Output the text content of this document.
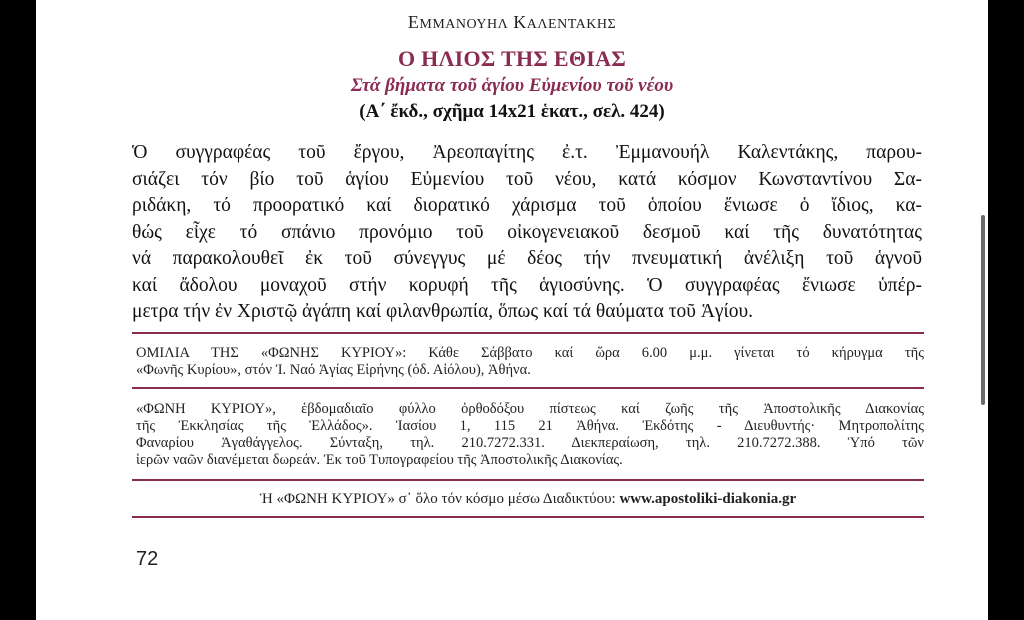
ΕΜΜΑΝΟΥΗΛ ΚΑΛΕΝΤΑΚΗΣ
Ο ΗΛΙΟΣ ΤΗΣ ΕΘΙΑΣ
Στά βήματα τοῦ ἁγίου Εὐμενίου τοῦ νέου
(Α΄ ἔκδ., σχῆμα 14x21 ἑκατ., σελ. 424)
Ὁ συγγραφέας τοῦ ἔργου, Ἀρεοπαγίτης ἐ.τ. Ἐμμανουήλ Καλεντάκης, παρου-
σιάζει τόν βίο τοῦ ἁγίου Εὐμενίου τοῦ νέου, κατά κόσμον Κωνσταντίνου Σα-
ριδάκη, τό προορατικό καί διορατικό χάρισμα τοῦ ὁποίου ἔνιωσε ὁ ἴδιος, κα-
θώς εἶχε τό σπάνιο προνόμιο τοῦ οἰκογενειακοῦ δεσμοῦ καί τῆς δυνατότητας
νά παρακολουθεῖ ἐκ τοῦ σύνεγγυς μέ δέος τήν πνευματική ἀνέλιξη τοῦ ἁγνοῦ
καί ἄδολου μοναχοῦ στήν κορυφή τῆς ἁγιοσύνης. Ὁ συγγραφέας ἔνιωσε ὑπέρ-
μετρα τήν ἐν Χριστῷ ἀγάπη καί φιλανθρωπία, ὅπως καί τά θαύματα τοῦ Ἁγίου.
ΟΜΙΛΙΑ ΤΗΣ «ΦΩΝΗΣ ΚΥΡΙΟΥ»: Κάθε Σάββατο καί ὥρα 6.00 μ.μ. γίνεται τό κήρυγμα τῆς
«Φωνῆς Κυρίου», στόν Ἱ. Ναό Ἁγίας Εἰρήνης (ὁδ. Αἰόλου), Ἀθήνα.
«ΦΩΝΗ ΚΥΡΙΟΥ», ἑβδομαδιαῖο φύλλο ὀρθοδόξου πίστεως καί ζωῆς τῆς Ἀποστολικῆς Διακονίας
τῆς Ἐκκλησίας τῆς Ἑλλάδος». Ἰασίου 1, 115 21 Ἀθήνα. Ἐκδότης - Διευθυντής· Μητροπολίτης
Φαναρίου Ἀγαθάγγελος. Σύνταξη, τηλ. 210.7272.331. Διεκπεραίωση, τηλ. 210.7272.388. Ὑπό τῶν
ἱερῶν ναῶν διανέμεται δωρεάν. Ἐκ τοῦ Τυπογραφείου τῆς Ἀποστολικῆς Διακονίας.
Ἡ «ΦΩΝΗ ΚΥΡΙΟΥ» σ᾽ ὅλο τόν κόσμο μέσω Διαδικτύου: www.apostoliki-diakonia.gr
72
